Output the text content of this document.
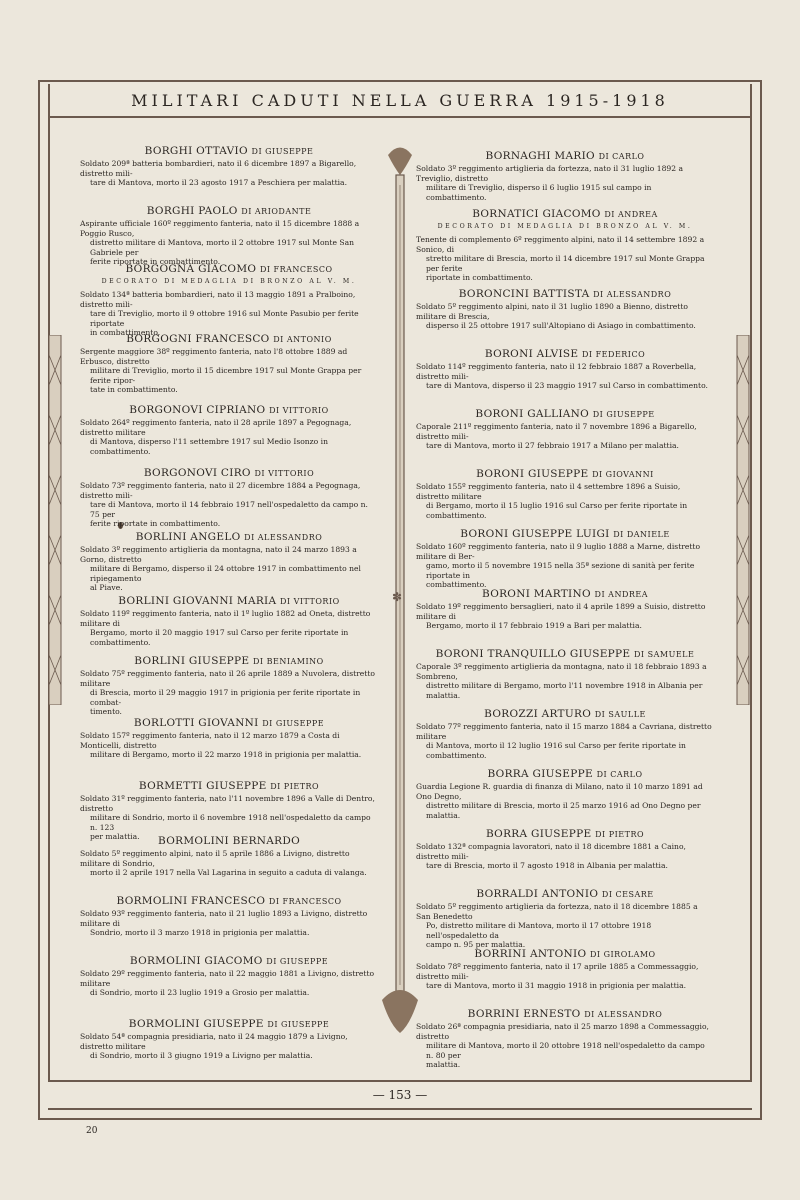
MILITARI CADUTI NELLA GUERRA 1915-1918
✽
BORGHI OTTAVIO DI GIUSEPPE
Soldato 209ª batteria bombardieri, nato il 6 dicembre 1897 a Bigarello, distretto mili-
tare di Mantova, morto il 23 agosto 1917 a Peschiera per malattia.
BORGHI PAOLO DI ARIODANTE
Aspirante ufficiale 160º reggimento fanteria, nato il 15 dicembre 1888 a Poggio Rusco,
distretto militare di Mantova, morto il 2 ottobre 1917 sul Monte San Gabriele per
ferite riportate in combattimento.
BORGOGNA GIACOMO DI FRANCESCO
DECORATO DI MEDAGLIA DI BRONZO AL V. M.
Soldato 134ª batteria bombardieri, nato il 13 maggio 1891 a Pralboino, distretto mili-
tare di Treviglio, morto il 9 ottobre 1916 sul Monte Pasubio per ferite riportate
in combattimento.
BORGOGNI FRANCESCO DI ANTONIO
Sergente maggiore 38º reggimento fanteria, nato l'8 ottobre 1889 ad Erbusco, distretto
militare di Treviglio, morto il 15 dicembre 1917 sul Monte Grappa per ferite ripor-
tate in combattimento.
BORGONOVI CIPRIANO DI VITTORIO
Soldato 264º reggimento fanteria, nato il 28 aprile 1897 a Pegognaga, distretto militare
di Mantova, disperso l'11 settembre 1917 sul Medio Isonzo in combattimento.
BORGONOVI CIRO DI VITTORIO
Soldato 73º reggimento fanteria, nato il 27 dicembre 1884 a Pegognaga, distretto mili-
tare di Mantova, morto il 14 febbraio 1917 nell'ospedaletto da campo n. 75 per
ferite riportate in combattimento.
BORLINI ANGELO DI ALESSANDRO
Soldato 3º reggimento artiglieria da montagna, nato il 24 marzo 1893 a Gorno, distretto
militare di Bergamo, disperso il 24 ottobre 1917 in combattimento nel ripiegamento
al Piave.
BORLINI GIOVANNI MARIA DI VITTORIO
Soldato 119º reggimento fanteria, nato il 1º luglio 1882 ad Oneta, distretto militare di
Bergamo, morto il 20 maggio 1917 sul Carso per ferite riportate in combattimento.
BORLINI GIUSEPPE DI BENIAMINO
Soldato 75º reggimento fanteria, nato il 26 aprile 1889 a Nuvolera, distretto militare
di Brescia, morto il 29 maggio 1917 in prigionia per ferite riportate in combat-
timento.
BORLOTTI GIOVANNI DI GIUSEPPE
Soldato 157º reggimento fanteria, nato il 12 marzo 1879 a Costa di Monticelli, distretto
militare di Bergamo, morto il 22 marzo 1918 in prigionia per malattia.
BORMETTI GIUSEPPE DI PIETRO
Soldato 31º reggimento fanteria, nato l'11 novembre 1896 a Valle di Dentro, distretto
militare di Sondrio, morto il 6 novembre 1918 nell'ospedaletto da campo n. 123
per malattia.	BORMOLINI BERNARDO
Soldato 5º reggimento alpini, nato il 5 aprile 1886 a Livigno, distretto militare di Sondrio,
morto il 2 aprile 1917 nella Val Lagarina in seguito a caduta di valanga.
BORMOLINI FRANCESCO DI FRANCESCO
Soldato 93º reggimento fanteria, nato il 21 luglio 1893 a Livigno, distretto militare di
Sondrio, morto il 3 marzo 1918 in prigionia per malattia.
BORMOLINI GIACOMO DI GIUSEPPE
Soldato 29º reggimento fanteria, nato il 22 maggio 1881 a Livigno, distretto militare
di Sondrio, morto il 23 luglio 1919 a Grosio per malattia.
BORMOLINI GIUSEPPE DI GIUSEPPE
Soldato 54ª compagnia presidiaria, nato il 24 maggio 1879 a Livigno, distretto militare
di Sondrio, morto il 3 giugno 1919 a Livigno per malattia.
BORNAGHI MARIO DI CARLO
Soldato 3º reggimento artiglieria da fortezza, nato il 31 luglio 1892 a Treviglio, distretto
militare di Treviglio, disperso il 6 luglio 1915 sul campo in combattimento.
BORNATICI GIACOMO DI ANDREA
DECORATO DI MEDAGLIA DI BRONZO AL V. M.
Tenente di complemento 6º reggimento alpini, nato il 14 settembre 1892 a Sonico, di
stretto militare di Brescia, morto il 14 dicembre 1917 sul Monte Grappa per ferite
riportate in combattimento.
BORONCINI BATTISTA DI ALESSANDRO
Soldato 5º reggimento alpini, nato il 31 luglio 1890 a Bienno, distretto militare di Brescia,
disperso il 25 ottobre 1917 sull'Altopiano di Asiago in combattimento.
BORONI ALVISE DI FEDERICO
Soldato 114º reggimento fanteria, nato il 12 febbraio 1887 a Roverbella, distretto mili-
tare di Mantova, disperso il 23 maggio 1917 sul Carso in combattimento.
BORONI GALLIANO DI GIUSEPPE
Caporale 211º reggimento fanteria, nato il 7 novembre 1896 a Bigarello, distretto mili-
tare di Mantova, morto il 27 febbraio 1917 a Milano per malattia.
BORONI GIUSEPPE DI GIOVANNI
Soldato 155º reggimento fanteria, nato il 4 settembre 1896 a Suisio, distretto militare
di Bergamo, morto il 15 luglio 1916 sul Carso per ferite riportate in combattimento.
BORONI GIUSEPPE LUIGI DI DANIELE
Soldato 160º reggimento fanteria, nato il 9 luglio 1888 a Marne, distretto militare di Ber-
gamo, morto il 5 novembre 1915 nella 35ª sezione di sanità per ferite riportate in
combattimento.
BORONI MARTINO DI ANDREA
Soldato 19º reggimento bersaglieri, nato il 4 aprile 1899 a Suisio, distretto militare di
Bergamo, morto il 17 febbraio 1919 a Bari per malattia.
BORONI TRANQUILLO GIUSEPPE DI SAMUELE
Caporale 3º reggimento artiglieria da montagna, nato il 18 febbraio 1893 a Sombreno,
distretto militare di Bergamo, morto l'11 novembre 1918 in Albania per malattia.
BOROZZI ARTURO DI SAULLE
Soldato 77º reggimento fanteria, nato il 15 marzo 1884 a Cavriana, distretto militare
di Mantova, morto il 12 luglio 1916 sul Carso per ferite riportate in combattimento.
BORRA GIUSEPPE DI CARLO
Guardia Legione R. guardia di finanza di Milano, nato il 10 marzo 1891 ad Ono Degno,
distretto militare di Brescia, morto il 25 marzo 1916 ad Ono Degno per malattia.
BORRA GIUSEPPE DI PIETRO
Soldato 132ª compagnia lavoratori, nato il 18 dicembre 1881 a Caino, distretto mili-
tare di Brescia, morto il 7 agosto 1918 in Albania per malattia.
BORRALDI ANTONIO DI CESARE
Soldato 5º reggimento artiglieria da fortezza, nato il 18 dicembre 1885 a San Benedetto
Po, distretto militare di Mantova, morto il 17 ottobre 1918 nell'ospedaletto da
campo n. 95 per malattia.
BORRINI ANTONIO DI GIROLAMO
Soldato 78º reggimento fanteria, nato il 17 aprile 1885 a Commessaggio, distretto mili-
tare di Mantova, morto il 31 maggio 1918 in prigionia per malattia.
BORRINI ERNESTO DI ALESSANDRO
Soldato 26ª compagnia presidiaria, nato il 25 marzo 1898 a Commessaggio, distretto
militare di Mantova, morto il 20 ottobre 1918 nell'ospedaletto da campo n. 80 per
malattia.
— 153 —
20
